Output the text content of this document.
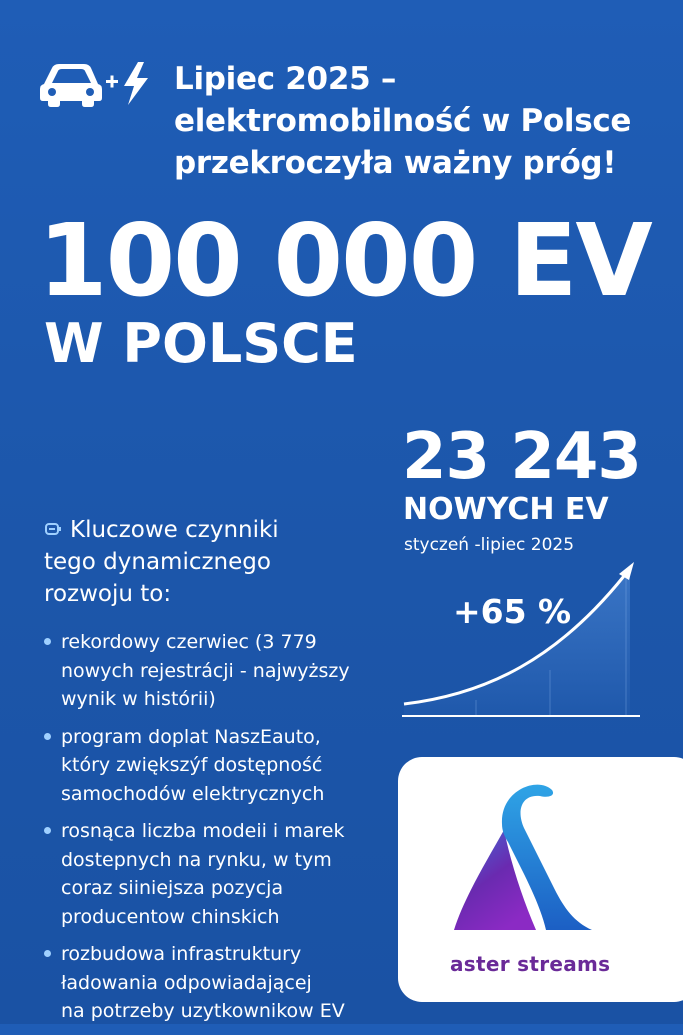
Lipiec 2025 –
elektromobilność w Polsce
przekroczyła ważny próg!
100 000 EV
W POLSCE
23 243
NOWYCH EV
styczeń -lipiec 2025
+65 %
Kluczowe czynniki
tego dynamicznego
rozwoju to:
rekordowy czerwiec (3 779
nowych rejestrácji - najwyższy
wynik w histórii)
program doplat NaszEauto,
który zwiększýf dostępność
samochodów elektrycznych
rosnąca liczba modeii i marek
dostepnych na rynku, w tym
coraz siiniejsza pozycja
producentow chinskich
rozbudowa infrastruktury
ładowania odpowiadającej
na potrzeby uzytkownikow EV
aster streams
